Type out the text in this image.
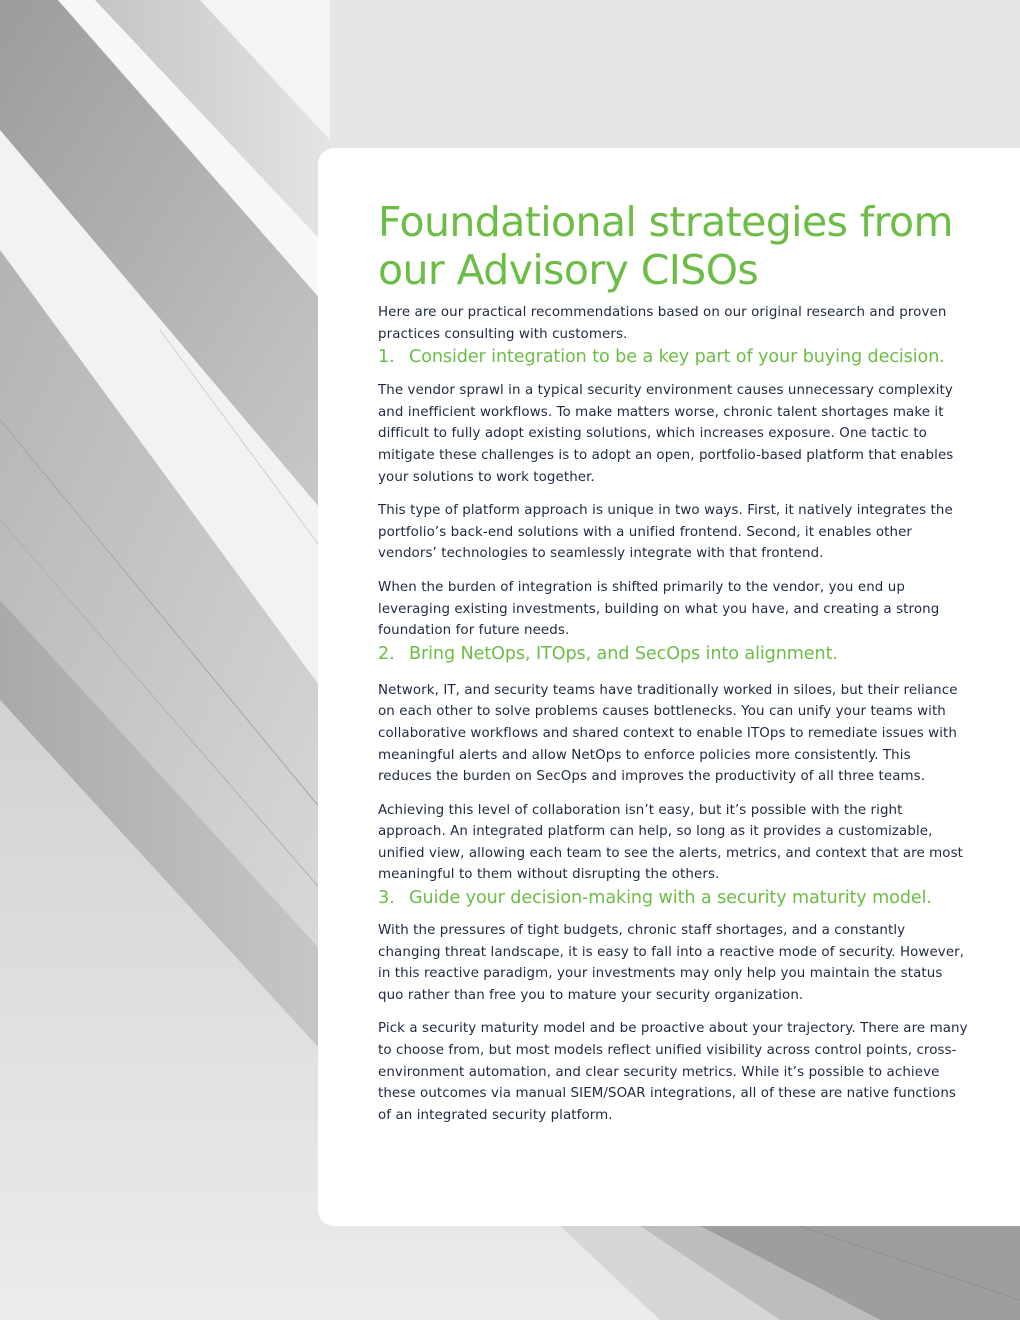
Foundational strategies from our Advisory CISOs

Here are our practical recommendations based on our original research and proven practices consulting with customers.

1. Consider integration to be a key part of your buying decision.

The vendor sprawl in a typical security environment causes unnecessary complexity and inefficient workflows. To make matters worse, chronic talent shortages make it difficult to fully adopt existing solutions, which increases exposure. One tactic to mitigate these challenges is to adopt an open, portfolio-based platform that enables your solutions to work together.

This type of platform approach is unique in two ways. First, it natively integrates the portfolio’s back-end solutions with a unified frontend. Second, it enables other vendors’ technologies to seamlessly integrate with that frontend.

When the burden of integration is shifted primarily to the vendor, you end up leveraging existing investments, building on what you have, and creating a strong foundation for future needs.

2. Bring NetOps, ITOps, and SecOps into alignment.

Network, IT, and security teams have traditionally worked in siloes, but their reliance on each other to solve problems causes bottlenecks. You can unify your teams with collaborative workflows and shared context to enable ITOps to remediate issues with meaningful alerts and allow NetOps to enforce policies more consistently. This reduces the burden on SecOps and improves the productivity of all three teams.

Achieving this level of collaboration isn’t easy, but it’s possible with the right approach. An integrated platform can help, so long as it provides a customizable, unified view, allowing each team to see the alerts, metrics, and context that are most meaningful to them without disrupting the others.

3. Guide your decision-making with a security maturity model.

With the pressures of tight budgets, chronic staff shortages, and a constantly changing threat landscape, it is easy to fall into a reactive mode of security. However, in this reactive paradigm, your investments may only help you maintain the status quo rather than free you to mature your security organization.

Pick a security maturity model and be proactive about your trajectory. There are many to choose from, but most models reflect unified visibility across control points, cross-environment automation, and clear security metrics. While it’s possible to achieve these outcomes via manual SIEM/SOAR integrations, all of these are native functions of an integrated security platform.
